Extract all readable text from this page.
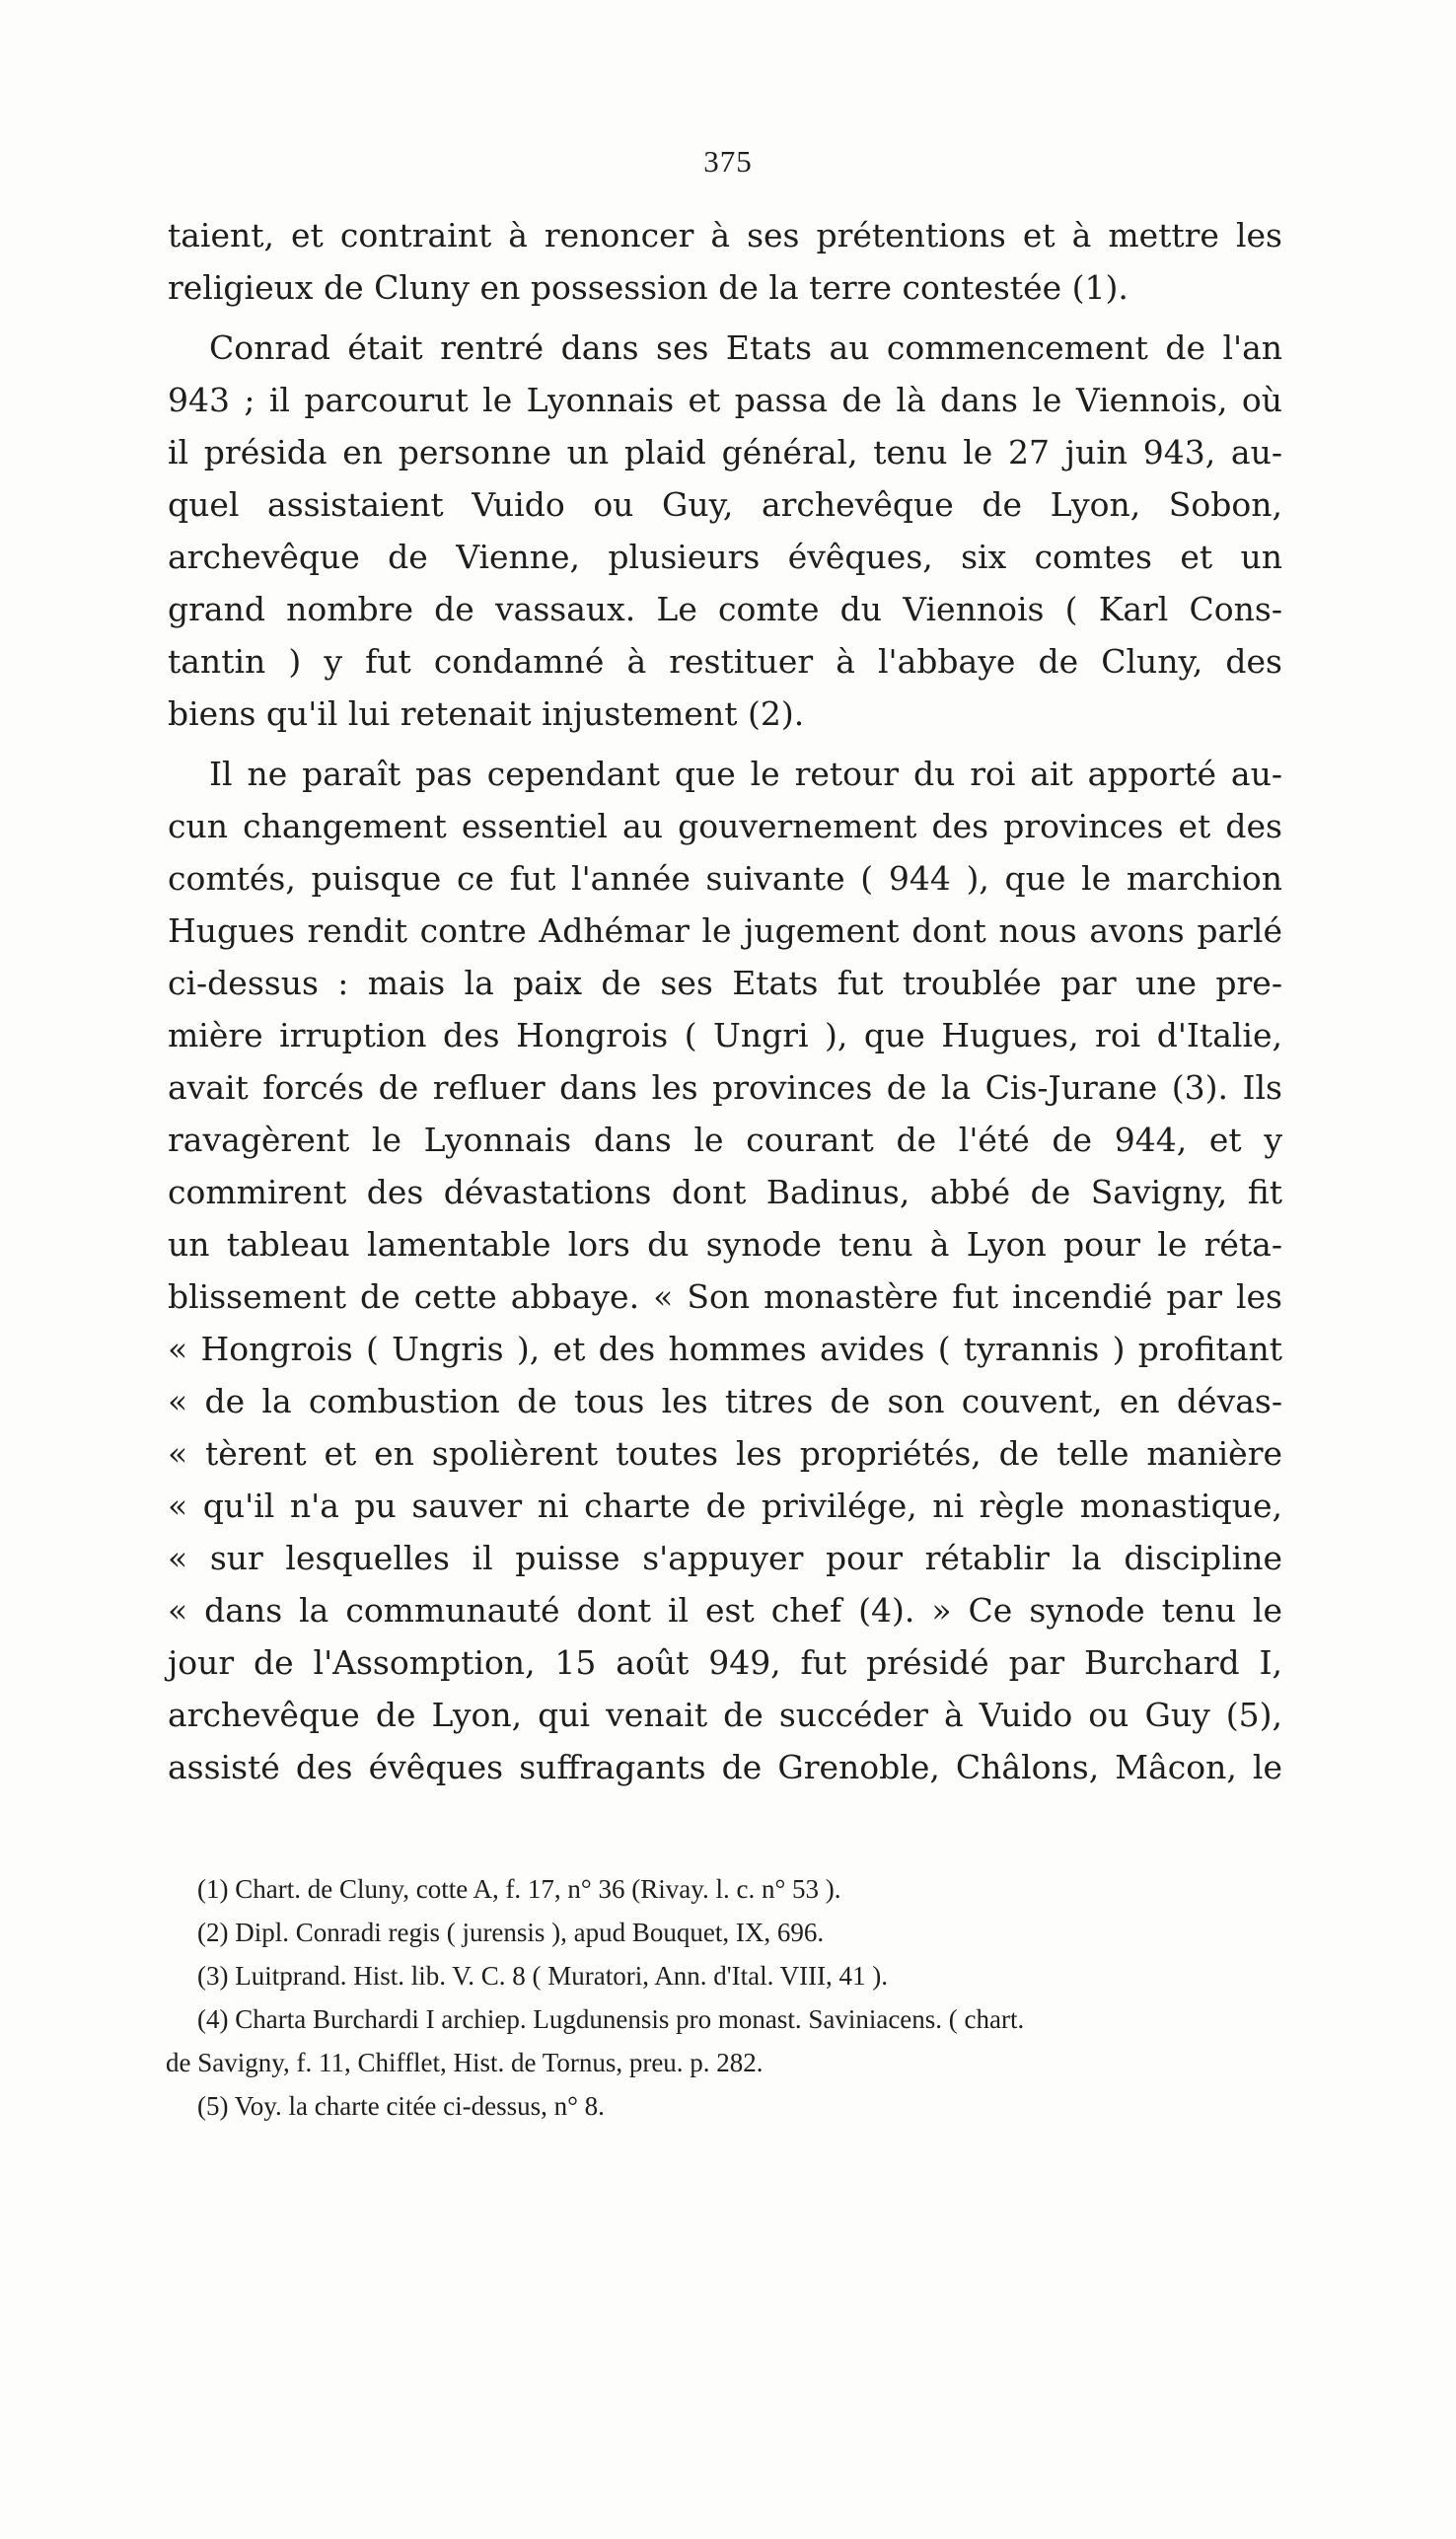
375
taient, et contraint à renoncer à ses prétentions et à mettre les
religieux de Cluny en possession de la terre contestée (1).
Conrad était rentré dans ses Etats au commencement de l'an
943 ; il parcourut le Lyonnais et passa de là dans le Viennois, où
il présida en personne un plaid général, tenu le 27 juin 943, au-
quel assistaient Vuido ou Guy, archevêque de Lyon, Sobon,
archevêque de Vienne, plusieurs évêques, six comtes et un
grand nombre de vassaux. Le comte du Viennois ( Karl Cons-
tantin ) y fut condamné à restituer à l'abbaye de Cluny, des
biens qu'il lui retenait injustement (2).
Il ne paraît pas cependant que le retour du roi ait apporté au-
cun changement essentiel au gouvernement des provinces et des
comtés, puisque ce fut l'année suivante ( 944 ), que le marchion
Hugues rendit contre Adhémar le jugement dont nous avons parlé
ci-dessus : mais la paix de ses Etats fut troublée par une pre-
mière irruption des Hongrois ( Ungri ), que Hugues, roi d'Italie,
avait forcés de refluer dans les provinces de la Cis-Jurane (3). Ils
ravagèrent le Lyonnais dans le courant de l'été de 944, et y
commirent des dévastations dont Badinus, abbé de Savigny, fit
un tableau lamentable lors du synode tenu à Lyon pour le réta-
blissement de cette abbaye. « Son monastère fut incendié par les
« Hongrois ( Ungris ), et des hommes avides ( tyrannis ) profitant
« de la combustion de tous les titres de son couvent, en dévas-
« tèrent et en spolièrent toutes les propriétés, de telle manière
« qu'il n'a pu sauver ni charte de privilége, ni règle monastique,
« sur lesquelles il puisse s'appuyer pour rétablir la discipline
« dans la communauté dont il est chef (4). » Ce synode tenu le
jour de l'Assomption, 15 août 949, fut présidé par Burchard I,
archevêque de Lyon, qui venait de succéder à Vuido ou Guy (5),
assisté des évêques suffragants de Grenoble, Châlons, Mâcon, le
(1) Chart. de Cluny, cotte A, f. 17, n° 36 (Rivay. l. c. n° 53 ).
(2) Dipl. Conradi regis ( jurensis ), apud Bouquet, IX, 696.
(3) Luitprand. Hist. lib. V. C. 8 ( Muratori, Ann. d'Ital. VIII, 41 ).
(4) Charta Burchardi I archiep. Lugdunensis pro monast. Saviniacens. ( chart.
de Savigny, f. 11, Chifflet, Hist. de Tornus, preu. p. 282.
(5) Voy. la charte citée ci-dessus, n° 8.
